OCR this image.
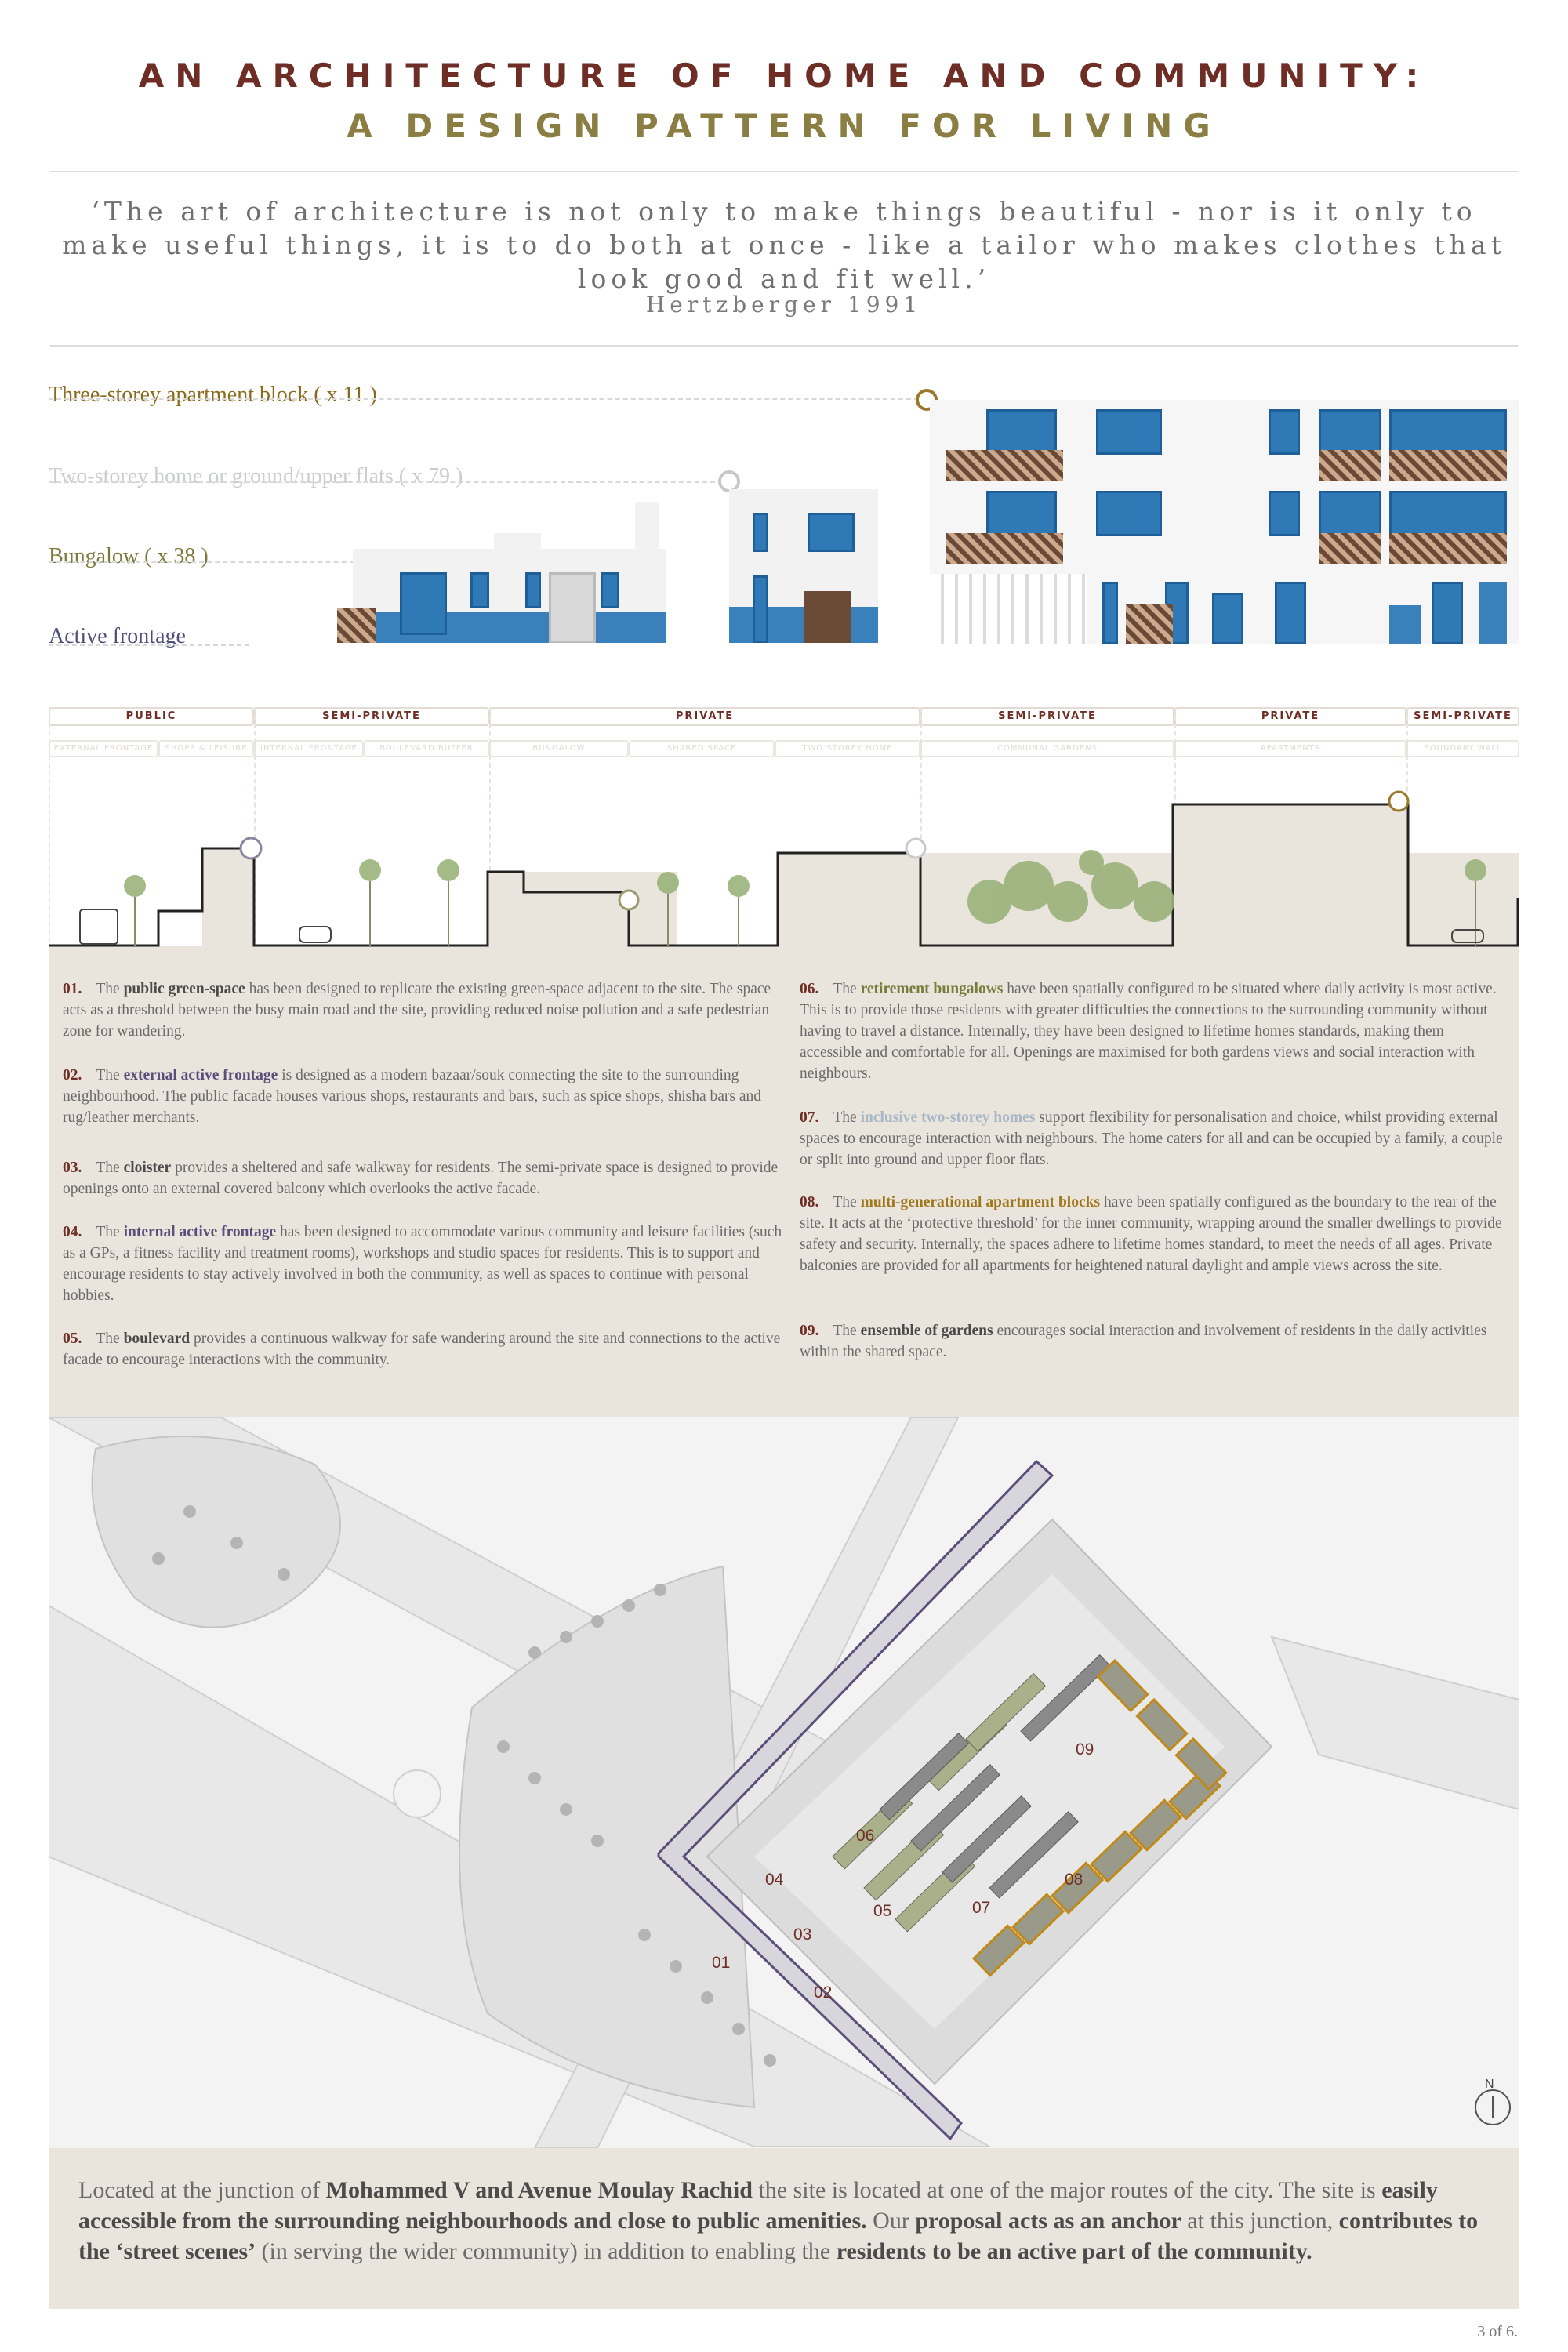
AN ARCHITECTURE OF HOME AND COMMUNITY:
A DESIGN PATTERN FOR LIVING
‘The art of architecture is not only to make things beautiful - nor is it only to make useful things, it is to do both at once - like a tailor who makes clothes that look good and fit well.’
Hertzberger 1991
Three-storey apartment block ( x 11 )
Two-storey home or ground/upper flats ( x 79 )
Bungalow ( x 38 )
Active frontage
PUBLIC	SEMI-PRIVATE	PRIVATE	SEMI-PRIVATE	PRIVATE	SEMI-PRIVATE
EXTERNAL FRONTAGE	SHOPS & LEISURE	INTERNAL FRONTAGE	BOULEVARD BUFFER	BUNGALOW	SHARED SPACE	TWO STOREY HOME	COMMUNAL GARDENS	APARTMENTS	BOUNDARY WALL
01. The public green-space has been designed to replicate the existing green-space adjacent to the site. The space acts as a threshold between the busy main road and the site, providing reduced noise pollution and a safe pedestrian zone for wandering.
02. The external active frontage is designed as a modern bazaar/souk connecting the site to the surrounding neighbourhood. The public facade houses various shops, restaurants and bars, such as spice shops, shisha bars and rug/leather merchants.
03. The cloister provides a sheltered and safe walkway for residents. The semi-private space is designed to provide openings onto an external covered balcony which overlooks the active facade.
04. The internal active frontage has been designed to accommodate various community and leisure facilities (such as a GPs, a fitness facility and treatment rooms), workshops and studio spaces for residents. This is to support and encourage residents to stay actively involved in both the community, as well as spaces to continue with personal hobbies.
05. The boulevard provides a continuous walkway for safe wandering around the site and connections to the active facade to encourage interactions with the community.
06. The retirement bungalows have been spatially configured to be situated where daily activity is most active. This is to provide those residents with greater difficulties the connections to the surrounding community without having to travel a distance. Internally, they have been designed to lifetime homes standards, making them accessible and comfortable for all. Openings are maximised for both gardens views and social interaction with neighbours.
07. The inclusive two-storey homes support flexibility for personalisation and choice, whilst providing external spaces to encourage interaction with neighbours. The home caters for all and can be occupied by a family, a couple or split into ground and upper floor flats.
08. The multi-generational apartment blocks have been spatially configured as the boundary to the rear of the site. It acts at the ‘protective threshold’ for the inner community, wrapping around the smaller dwellings to provide safety and security. Internally, the spaces adhere to lifetime homes standard, to meet the needs of all ages. Private balconies are provided for all apartments for heightened natural daylight and ample views across the site.
09. The ensemble of gardens encourages social interaction and involvement of residents in the daily activities within the shared space.
01
02
03
04
05
06
07
08
09
N
Located at the junction of Mohammed V and Avenue Moulay Rachid the site is located at one of the major routes of the city. The site is easily accessible from the surrounding neighbourhoods and close to public amenities. Our proposal acts as an anchor at this junction, contributes to the ‘street scenes’ (in serving the wider community) in addition to enabling the residents to be an active part of the community.
3 of 6.
